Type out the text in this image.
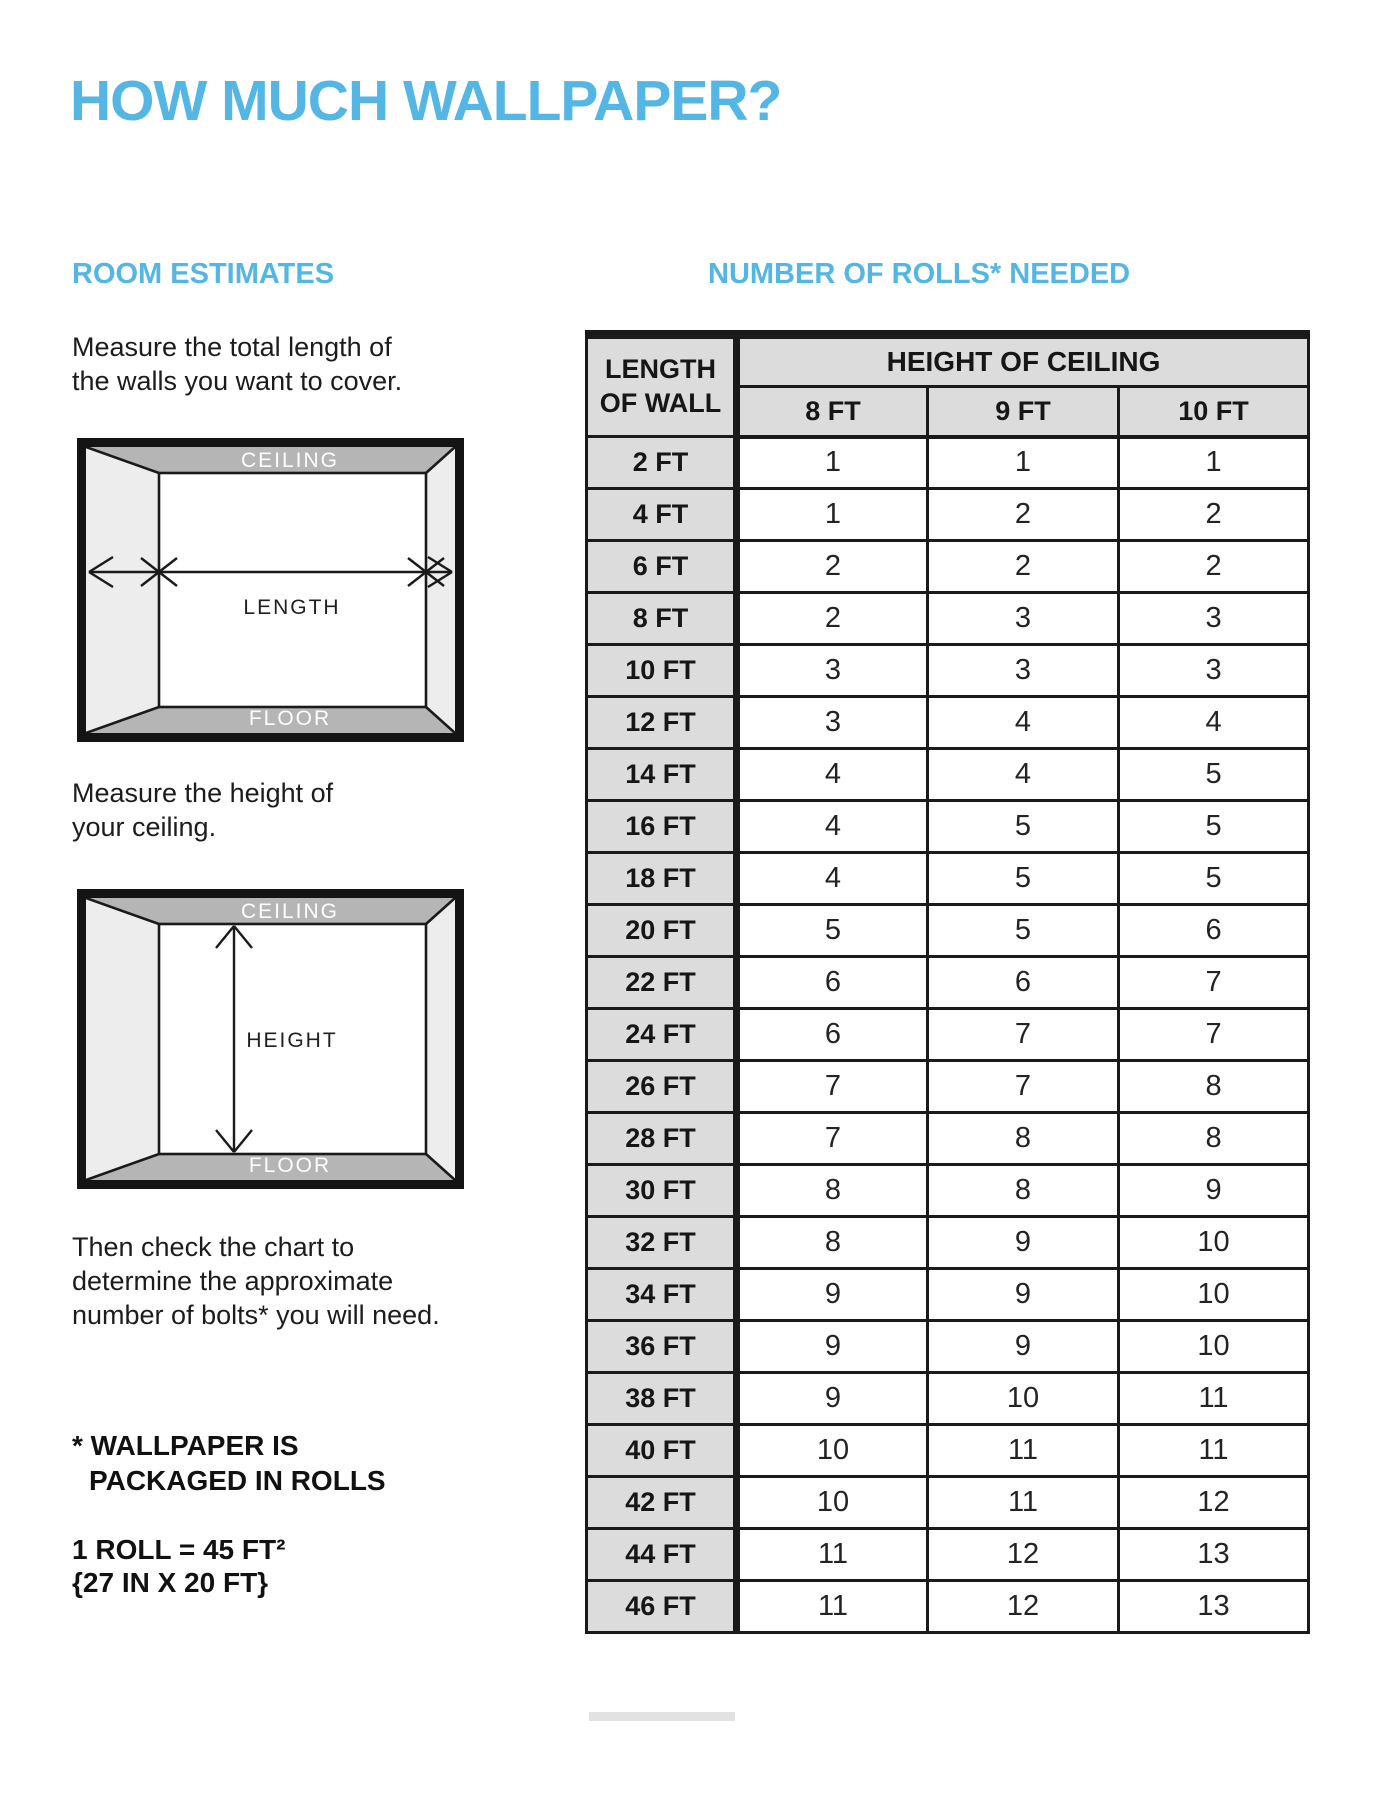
HOW MUCH WALLPAPER?
ROOM ESTIMATES	NUMBER OF ROLLS* NEEDED

Measure the total length of
the walls you want to cover.

CEILING
FLOOR
LENGTH

Measure the height of
your ceiling.

CEILING
FLOOR
HEIGHT

Then check the chart to
determine the approximate
number of bolts* you will need.

* WALLPAPER IS
PACKAGED IN ROLLS

1 ROLL = 45 FT²
{27 IN X 20 FT}

LENGTH
OF WALL	HEIGHT OF CEILING		
	8 FT	9 FT	10 FT
2 FT	1	1	1
4 FT	1	2	2
6 FT	2	2	2
8 FT	2	3	3
10 FT	3	3	3
12 FT	3	4	4
14 FT	4	4	5
16 FT	4	5	5
18 FT	4	5	5
20 FT	5	5	6
22 FT	6	6	7
24 FT	6	7	7
26 FT	7	7	8
28 FT	7	8	8
30 FT	8	8	9
32 FT	8	9	10
34 FT	9	9	10
36 FT	9	9	10
38 FT	9	10	11
40 FT	10	11	11
42 FT	10	11	12
44 FT	11	12	13
46 FT	11	12	13
